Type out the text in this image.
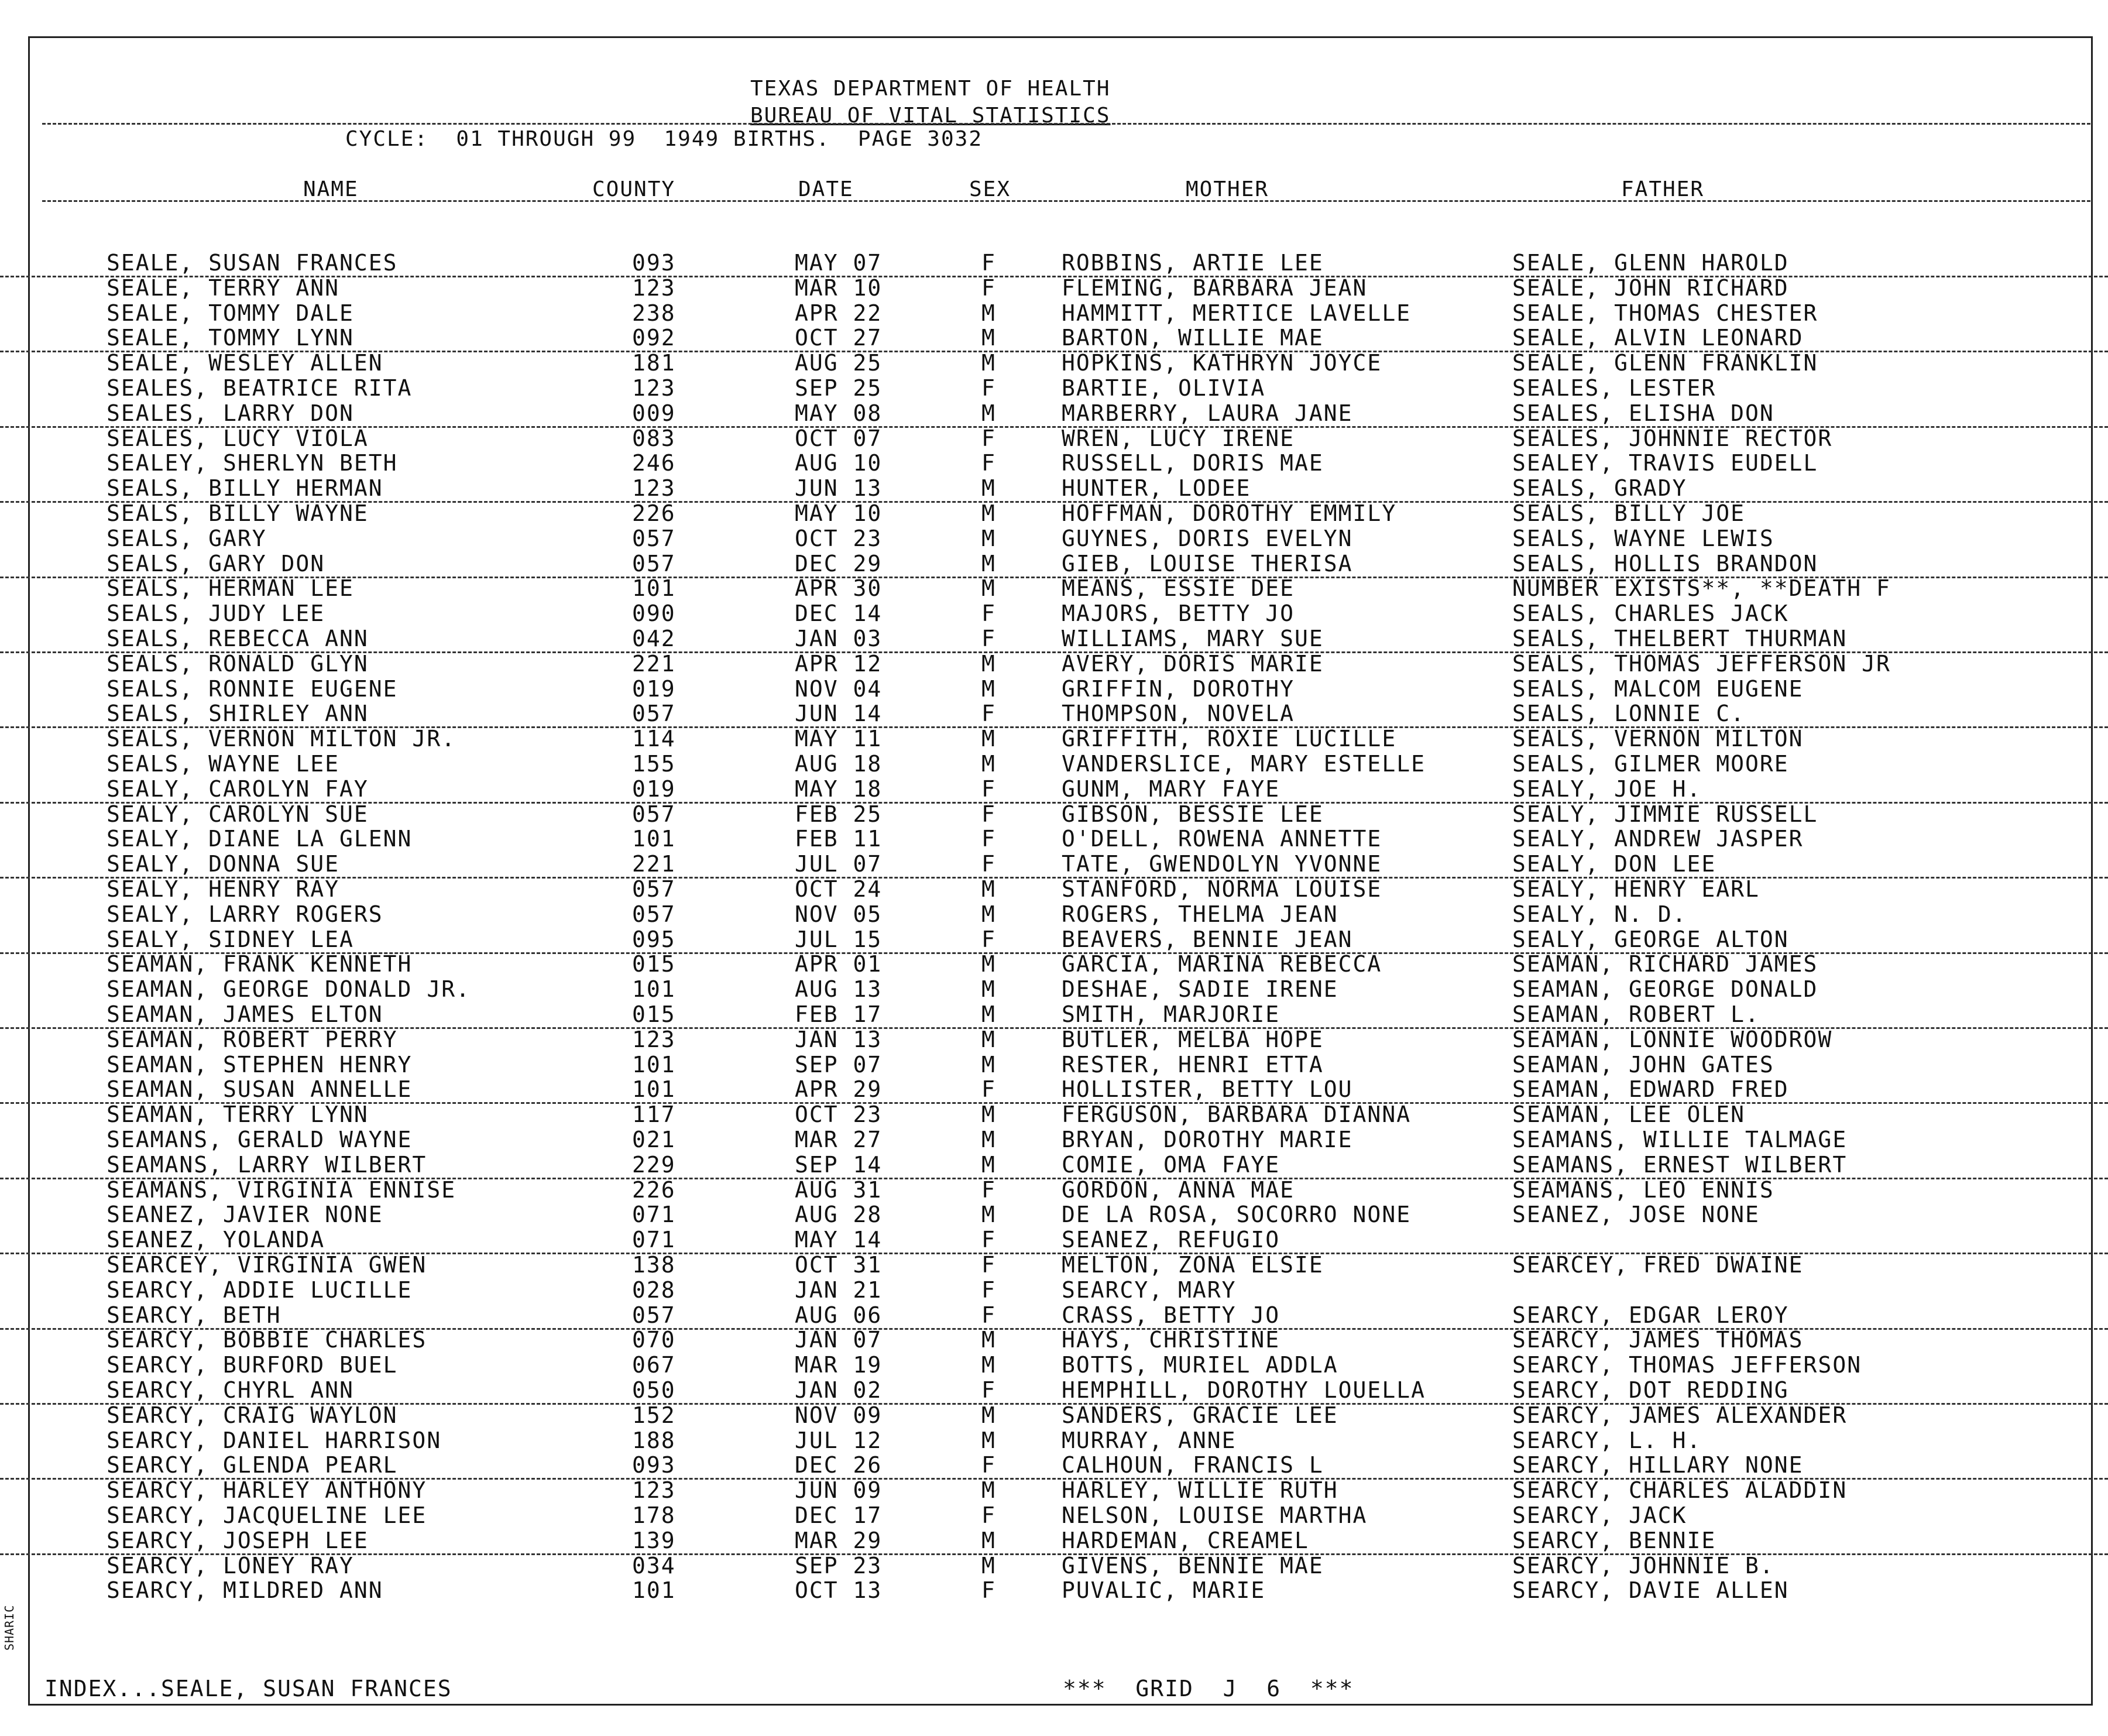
TEXAS DEPARTMENT OF HEALTH
BUREAU OF VITAL STATISTICS
CYCLE:  01 THROUGH 99  1949 BIRTHS.  PAGE 3032
NAME	COUNTY	DATE	SEX	MOTHER	FATHER
SEALE, SUSAN FRANCES	093	MAY 07	F	ROBBINS, ARTIE LEE	SEALE, GLENN HAROLD
SEALE, TERRY ANN	123	MAR 10	F	FLEMING, BARBARA JEAN	SEALE, JOHN RICHARD
SEALE, TOMMY DALE	238	APR 22	M	HAMMITT, MERTICE LAVELLE	SEALE, THOMAS CHESTER
SEALE, TOMMY LYNN	092	OCT 27	M	BARTON, WILLIE MAE	SEALE, ALVIN LEONARD
SEALE, WESLEY ALLEN	181	AUG 25	M	HOPKINS, KATHRYN JOYCE	SEALE, GLENN FRANKLIN
SEALES, BEATRICE RITA	123	SEP 25	F	BARTIE, OLIVIA	SEALES, LESTER
SEALES, LARRY DON	009	MAY 08	M	MARBERRY, LAURA JANE	SEALES, ELISHA DON
SEALES, LUCY VIOLA	083	OCT 07	F	WREN, LUCY IRENE	SEALES, JOHNNIE RECTOR
SEALEY, SHERLYN BETH	246	AUG 10	F	RUSSELL, DORIS MAE	SEALEY, TRAVIS EUDELL
SEALS, BILLY HERMAN	123	JUN 13	M	HUNTER, LODEE	SEALS, GRADY
SEALS, BILLY WAYNE	226	MAY 10	M	HOFFMAN, DOROTHY EMMILY	SEALS, BILLY JOE
SEALS, GARY	057	OCT 23	M	GUYNES, DORIS EVELYN	SEALS, WAYNE LEWIS
SEALS, GARY DON	057	DEC 29	M	GIEB, LOUISE THERISA	SEALS, HOLLIS BRANDON
SEALS, HERMAN LEE	101	APR 30	M	MEANS, ESSIE DEE	NUMBER EXISTS**, **DEATH F
SEALS, JUDY LEE	090	DEC 14	F	MAJORS, BETTY JO	SEALS, CHARLES JACK
SEALS, REBECCA ANN	042	JAN 03	F	WILLIAMS, MARY SUE	SEALS, THELBERT THURMAN
SEALS, RONALD GLYN	221	APR 12	M	AVERY, DORIS MARIE	SEALS, THOMAS JEFFERSON JR
SEALS, RONNIE EUGENE	019	NOV 04	M	GRIFFIN, DOROTHY	SEALS, MALCOM EUGENE
SEALS, SHIRLEY ANN	057	JUN 14	F	THOMPSON, NOVELA	SEALS, LONNIE C.
SEALS, VERNON MILTON JR.	114	MAY 11	M	GRIFFITH, ROXIE LUCILLE	SEALS, VERNON MILTON
SEALS, WAYNE LEE	155	AUG 18	M	VANDERSLICE, MARY ESTELLE	SEALS, GILMER MOORE
SEALY, CAROLYN FAY	019	MAY 18	F	GUNM, MARY FAYE	SEALY, JOE H.
SEALY, CAROLYN SUE	057	FEB 25	F	GIBSON, BESSIE LEE	SEALY, JIMMIE RUSSELL
SEALY, DIANE LA GLENN	101	FEB 11	F	O'DELL, ROWENA ANNETTE	SEALY, ANDREW JASPER
SEALY, DONNA SUE	221	JUL 07	F	TATE, GWENDOLYN YVONNE	SEALY, DON LEE
SEALY, HENRY RAY	057	OCT 24	M	STANFORD, NORMA LOUISE	SEALY, HENRY EARL
SEALY, LARRY ROGERS	057	NOV 05	M	ROGERS, THELMA JEAN	SEALY, N. D.
SEALY, SIDNEY LEA	095	JUL 15	F	BEAVERS, BENNIE JEAN	SEALY, GEORGE ALTON
SEAMAN, FRANK KENNETH	015	APR 01	M	GARCIA, MARINA REBECCA	SEAMAN, RICHARD JAMES
SEAMAN, GEORGE DONALD JR.	101	AUG 13	M	DESHAE, SADIE IRENE	SEAMAN, GEORGE DONALD
SEAMAN, JAMES ELTON	015	FEB 17	M	SMITH, MARJORIE	SEAMAN, ROBERT L.
SEAMAN, ROBERT PERRY	123	JAN 13	M	BUTLER, MELBA HOPE	SEAMAN, LONNIE WOODROW
SEAMAN, STEPHEN HENRY	101	SEP 07	M	RESTER, HENRI ETTA	SEAMAN, JOHN GATES
SEAMAN, SUSAN ANNELLE	101	APR 29	F	HOLLISTER, BETTY LOU	SEAMAN, EDWARD FRED
SEAMAN, TERRY LYNN	117	OCT 23	M	FERGUSON, BARBARA DIANNA	SEAMAN, LEE OLEN
SEAMANS, GERALD WAYNE	021	MAR 27	M	BRYAN, DOROTHY MARIE	SEAMANS, WILLIE TALMAGE
SEAMANS, LARRY WILBERT	229	SEP 14	M	COMIE, OMA FAYE	SEAMANS, ERNEST WILBERT
SEAMANS, VIRGINIA ENNISE	226	AUG 31	F	GORDON, ANNA MAE	SEAMANS, LEO ENNIS
SEANEZ, JAVIER NONE	071	AUG 28	M	DE LA ROSA, SOCORRO NONE	SEANEZ, JOSE NONE
SEANEZ, YOLANDA	071	MAY 14	F	SEANEZ, REFUGIO
SEARCEY, VIRGINIA GWEN	138	OCT 31	F	MELTON, ZONA ELSIE	SEARCEY, FRED DWAINE
SEARCY, ADDIE LUCILLE	028	JAN 21	F	SEARCY, MARY
SEARCY, BETH	057	AUG 06	F	CRASS, BETTY JO	SEARCY, EDGAR LEROY
SEARCY, BOBBIE CHARLES	070	JAN 07	M	HAYS, CHRISTINE	SEARCY, JAMES THOMAS
SEARCY, BURFORD BUEL	067	MAR 19	M	BOTTS, MURIEL ADDLA	SEARCY, THOMAS JEFFERSON
SEARCY, CHYRL ANN	050	JAN 02	F	HEMPHILL, DOROTHY LOUELLA	SEARCY, DOT REDDING
SEARCY, CRAIG WAYLON	152	NOV 09	M	SANDERS, GRACIE LEE	SEARCY, JAMES ALEXANDER
SEARCY, DANIEL HARRISON	188	JUL 12	M	MURRAY, ANNE	SEARCY, L. H.
SEARCY, GLENDA PEARL	093	DEC 26	F	CALHOUN, FRANCIS L	SEARCY, HILLARY NONE
SEARCY, HARLEY ANTHONY	123	JUN 09	M	HARLEY, WILLIE RUTH	SEARCY, CHARLES ALADDIN
SEARCY, JACQUELINE LEE	178	DEC 17	F	NELSON, LOUISE MARTHA	SEARCY, JACK
SEARCY, JOSEPH LEE	139	MAR 29	M	HARDEMAN, CREAMEL	SEARCY, BENNIE
SEARCY, LONEY RAY	034	SEP 23	M	GIVENS, BENNIE MAE	SEARCY, JOHNNIE B.
SEARCY, MILDRED ANN	101	OCT 13	F	PUVALIC, MARIE	SEARCY, DAVIE ALLEN
INDEX...SEALE, SUSAN FRANCES	***  GRID  J  6  ***
SHARIC
